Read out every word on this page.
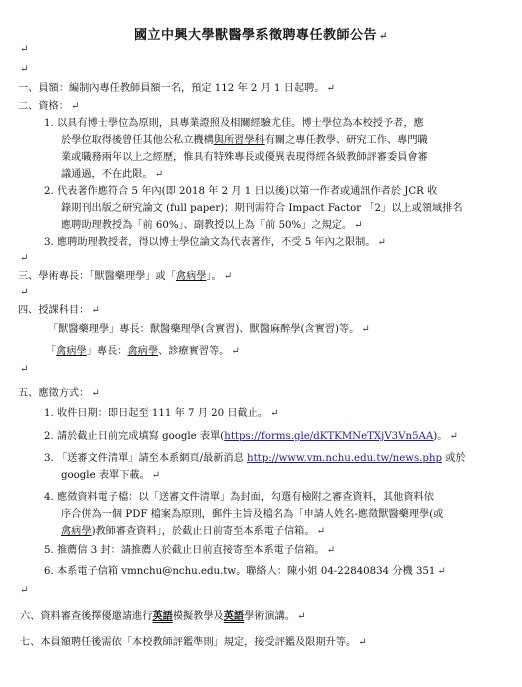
國立中興大學獸醫學系徵聘專任教師公告 ↵
↵
↵
一、員額：編制內專任教師員額一名，預定 112 年 2 月 1 日起聘。 ↵
二、資格： ↵
1. 以具有博士學位為原則，具專業證照及相關經驗尤佳。博士學位為本校授予者，應
於學位取得後曾任其他公私立機構與所習學科有關之專任教學、研究工作、專門職
業或職務兩年以上之經歷，惟具有特殊專長或優異表現得經各級教師評審委員會審
議通過，不在此限。 ↵
2. 代表著作應符合 5 年內(即 2018 年 2 月 1 日以後)以第一作者或通訊作者於 JCR 收
錄期刊出版之研究論文 (full paper)；期刊需符合 Impact Factor 「2」以上或領域排名
應聘助理教授為「前 60%」、副教授以上為「前 50%」之規定。 ↵
3. 應聘助理教授者，得以博士學位論文為代表著作，不受 5 年內之限制。 ↵
↵
三、學術專長：「獸醫藥理學」或「禽病學」。 ↵
↵
四、授課科目： ↵
「獸醫藥理學」專長：獸醫藥理學(含實習)、獸醫麻醉學(含實習)等。 ↵
「禽病學」專長：禽病學、診療實習等。 ↵
↵
五、應徵方式： ↵
1. 收件日期：即日起至 111 年 7 月 20 日截止。 ↵
2. 請於截止日前完成填寫 google 表單(https://forms.gle/dKTKMNeTXjV3Vn5AA)。 ↵
3. 「送審文件清單」請至本系網頁/最新消息 http://www.vm.nchu.edu.tw/news.php 或於
google 表單下載。 ↵
4. 應徵資料電子檔：以「送審文件清單」為封面，勾選有檢附之審查資料，其他資料依
序合併為一個 PDF 檔案為原則，郵件主旨及檔名為「申請人姓名-應徵獸醫藥理學(或
禽病學)教師審查資料」，於截止日前寄至本系電子信箱。 ↵
5. 推薦信 3 封：請推薦人於截止日前直接寄至本系電子信箱。 ↵
6. 本系電子信箱 vmnchu@nchu.edu.tw。聯絡人：陳小姐 04-22840834 分機 351 ↵
↵
六、資料審查後擇優邀請進行英語模擬教學及英語學術演講。 ↵
七、本員額聘任後需依「本校教師評鑑準則」規定，接受評鑑及限期升等。 ↵
